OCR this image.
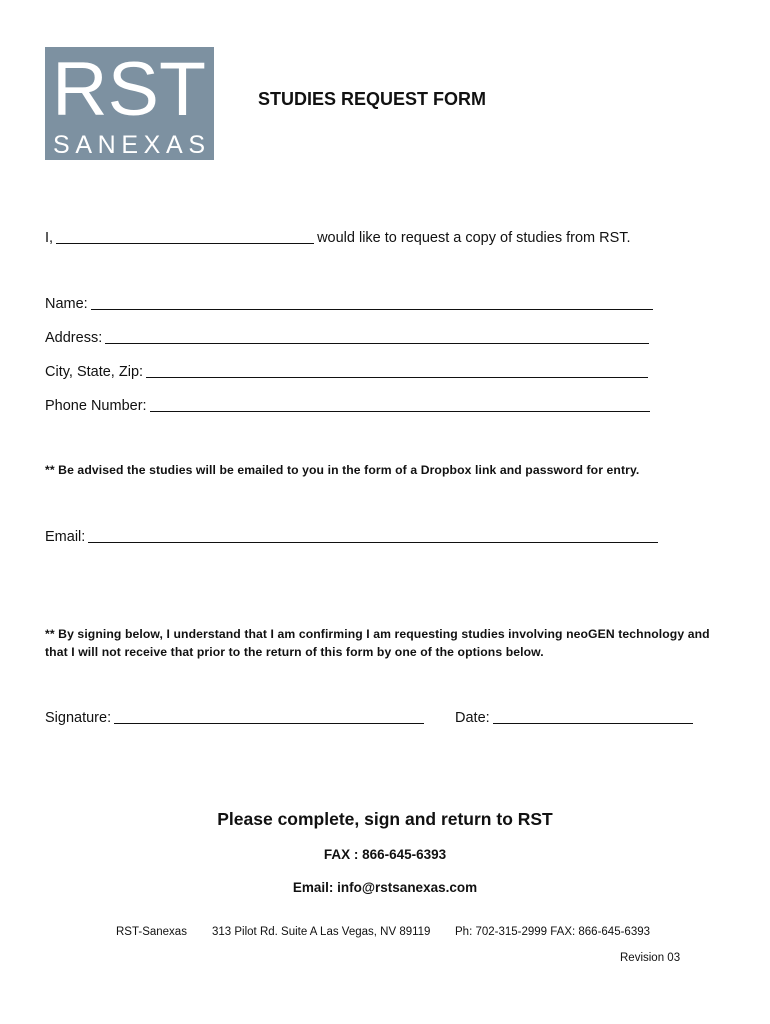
RST
SANEXAS
STUDIES REQUEST FORM
I,	would like to request a copy of studies from RST.
Name:
Address:
City, State, Zip:
Phone Number:
** Be advised the studies will be emailed to you in the form of a Dropbox link and password for entry.
Email:
** By signing below, I understand that I am confirming I am requesting studies involving neoGEN technology and
that I will not receive that prior to the return of this form by one of the options below.
Signature:	Date:
Please complete, sign and return to RST
FAX : 866-645-6393
Email: info@rstsanexas.com
RST-Sanexas 313 Pilot Rd. Suite A Las Vegas, NV 89119 Ph: 702-315-2999 FAX: 866-645-6393
Revision 03
